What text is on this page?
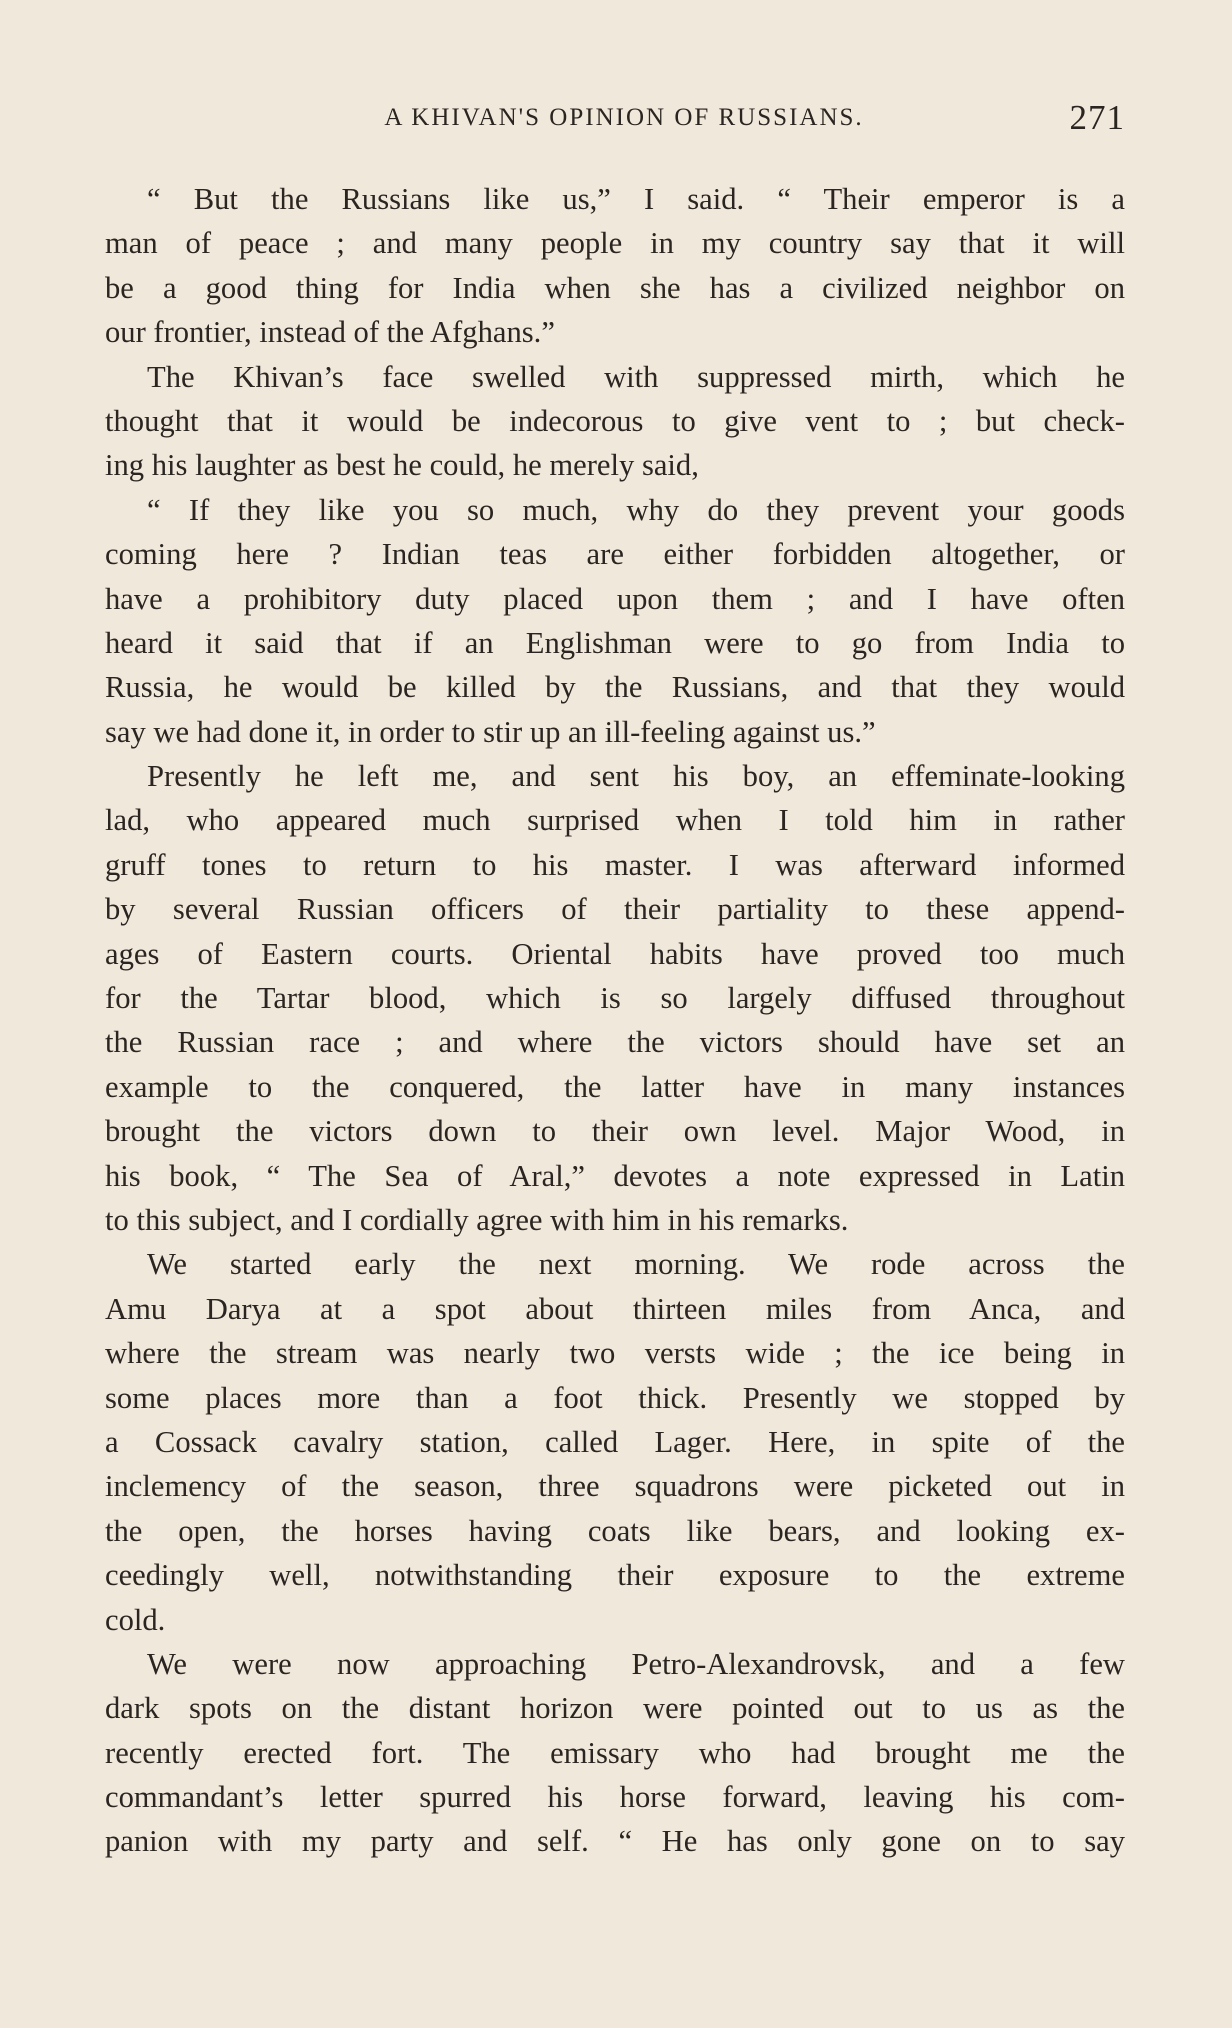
A KHIVAN'S OPINION OF RUSSIANS.	271
“ But the Russians like us,” I said. “ Their emperor is a
man of peace ; and many people in my country say that it will
be a good thing for India when she has a civilized neighbor on
our frontier, instead of the Afghans.”
The Khivan’s face swelled with suppressed mirth, which he
thought that it would be indecorous to give vent to ; but check-
ing his laughter as best he could, he merely said,
“ If they like you so much, why do they prevent your goods
coming here ? Indian teas are either forbidden altogether, or
have a prohibitory duty placed upon them ; and I have often
heard it said that if an Englishman were to go from India to
Russia, he would be killed by the Russians, and that they would
say we had done it, in order to stir up an ill-feeling against us.”
Presently he left me, and sent his boy, an effeminate-looking
lad, who appeared much surprised when I told him in rather
gruff tones to return to his master. I was afterward informed
by several Russian officers of their partiality to these append-
ages of Eastern courts. Oriental habits have proved too much
for the Tartar blood, which is so largely diffused throughout
the Russian race ; and where the victors should have set an
example to the conquered, the latter have in many instances
brought the victors down to their own level. Major Wood, in
his book, “ The Sea of Aral,” devotes a note expressed in Latin
to this subject, and I cordially agree with him in his remarks.
We started early the next morning. We rode across the
Amu Darya at a spot about thirteen miles from Anca, and
where the stream was nearly two versts wide ; the ice being in
some places more than a foot thick. Presently we stopped by
a Cossack cavalry station, called Lager. Here, in spite of the
inclemency of the season, three squadrons were picketed out in
the open, the horses having coats like bears, and looking ex-
ceedingly well, notwithstanding their exposure to the extreme
cold.
We were now approaching Petro-Alexandrovsk, and a few
dark spots on the distant horizon were pointed out to us as the
recently erected fort. The emissary who had brought me the
commandant’s letter spurred his horse forward, leaving his com-
panion with my party and self. “ He has only gone on to say
